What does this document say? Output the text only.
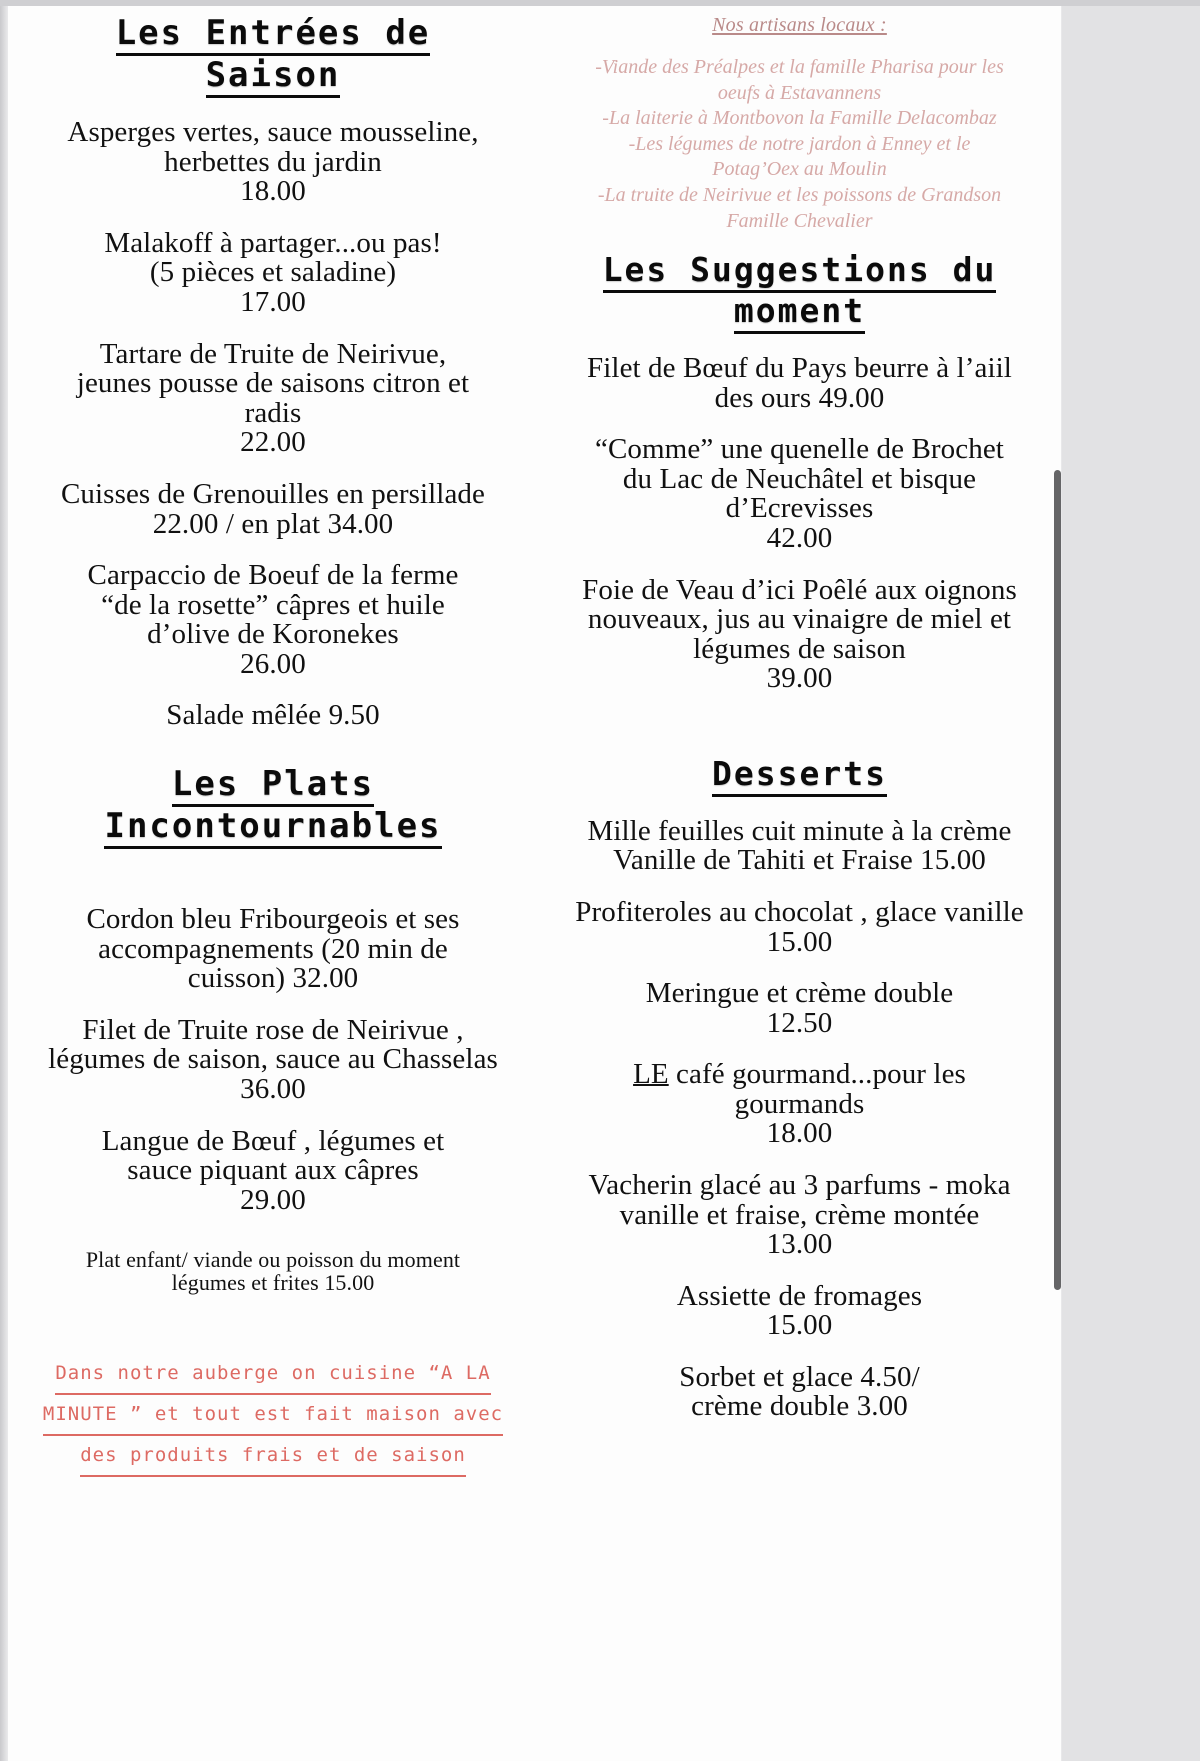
Les Entrées de
Saison

Asperges vertes, sauce mousseline,
herbettes du jardin
18.00

Malakoff à partager...ou pas!
(5 pièces et saladine)
17.00

Tartare de Truite de Neirivue,
jeunes pousse de saisons citron et
radis
22.00

Cuisses de Grenouilles en persillade
22.00 / en plat 34.00

Carpaccio de Boeuf de la ferme
“de la rosette” câpres et huile
d’olive de Koronekes
26.00

Salade mêlée 9.50

Les Plats
Incontournables

Cordon bleu Fribourgeois et ses
accompagnements (20 min de
cuisson) 32.00

Filet de Truite rose de Neirivue ,
légumes de saison, sauce au Chasselas
36.00

Langue de Bœuf , légumes et
sauce piquant aux câpres
29.00

Plat enfant/ viande ou poisson du moment
légumes et frites 15.00

Dans notre auberge on cuisine “A LA
MINUTE ” et tout est fait maison avec
des produits frais et de saison
Nos artisans locaux :
-Viande des Préalpes et la famille Pharisa pour les
oeufs à Estavannens
-La laiterie à Montbovon la Famille Delacombaz
-Les légumes de notre jardon à Enney et le
Potag’Oex au Moulin
-La truite de Neirivue et les poissons de Grandson
Famille Chevalier
Les Suggestions du
moment

Filet de Bœuf du Pays beurre à l’aiil
des ours 49.00

“Comme” une quenelle de Brochet
du Lac de Neuchâtel et bisque
d’Ecrevisses
42.00

Foie de Veau d’ici Poêlé aux oignons
nouveaux, jus au vinaigre de miel et
légumes de saison
39.00

Desserts

Mille feuilles cuit minute à la crème
Vanille de Tahiti et Fraise 15.00

Profiteroles au chocolat , glace vanille
15.00

Meringue et crème double
12.50

LE café gourmand...pour les
gourmands
18.00

Vacherin glacé au 3 parfums - moka
vanille et fraise, crème montée
13.00

Assiette de fromages
15.00

Sorbet et glace 4.50/
crème double 3.00
